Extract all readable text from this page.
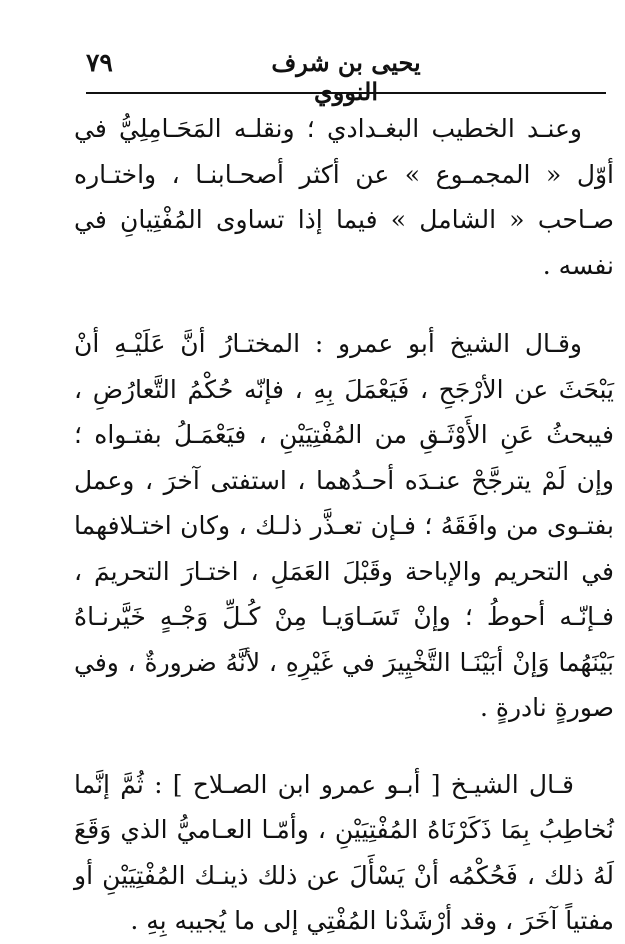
٧٩	يحيى بن شرف النووي

وعنـد الخطيب البغـدادي ؛ ونقلـه المَحَـامِلِيُّ في أوّل « المجمـوع » عن أكثر أصحـابنـا ، واختـاره صـاحب « الشامل » فيما إذا تساوى المُفْتِيانِ في نفسه .

وقـال الشيخ أبو عمرو : المختـارُ أنَّ عَلَيْـهِ أنْ يَبْحَثَ عن الأرْجَحِ ، فَيَعْمَلَ بِهِ ، فإنّه حُكْمُ التَّعارُضِ ، فيبحثُ عَنِ الأَوْثَـقِ من المُفْتِيَيْنِ ، فيَعْمَـلُ بفتـواه ؛ وإن لَمْ يترجَّحْ عنـدَه أحـدُهما ، استفتى آخرَ ، وعمل بفتـوى من وافَقَهُ ؛ فـإن تعـذَّر ذلـك ، وكان اختـلافهما في التحريم والإباحة وقَبْلَ العَمَلِ ، اختـارَ التحريمَ ، فـإنّـه أحوطُ ؛ وإنْ تَسَـاوَيـا مِنْ كُـلِّ وَجْـهٍ خَيَّرنـاهُ بَيْنَهُما وَإنْ أبَيْنَـا التَّخْيِيرَ في غَيْرِهِ ، لأنَّهُ ضرورةٌ ، وفي صورةٍ نادرةٍ .

قـال الشيـخ [ أبـو عمرو ابن الصـلاح ] : ثُمَّ إنَّما نُخاطِبُ بِمَا ذَكَرْنَاهُ المُفْتِيَيْنِ ، وأمّـا العـاميُّ الذي وَقَعَ لَهُ ذلك ، فَحُكْمُه أنْ يَسْأَلَ عن ذلك ذينـك المُفْتِيَيْنِ أو مفتياً آخَرَ ، وقد أرْشَدْنا المُفْتِي إلى ما يُجيبه بِهِ .
